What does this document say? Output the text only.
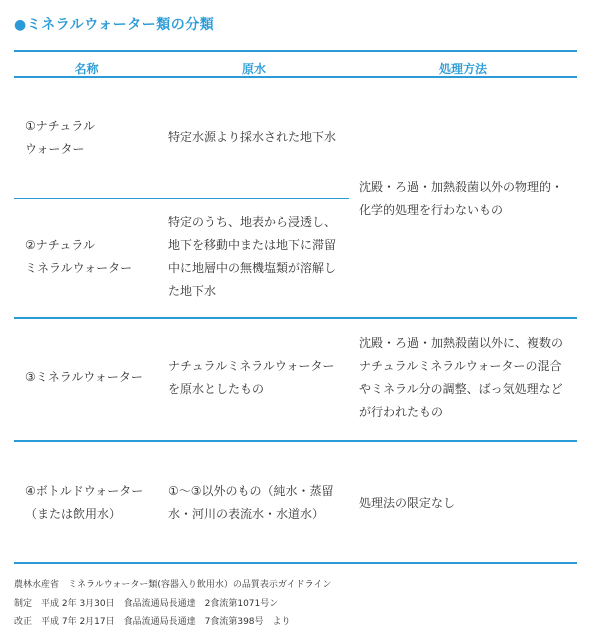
●ミネラルウォーター類の分類
名称	原水	処理方法
①ナチュラル
ウォーター
特定水源より採水された地下水
沈殿・ろ過・加熱殺菌以外の物理的・
化学的処理を行わないもの
②ナチュラル
ミネラルウォーター
特定のうち、地表から浸透し、
地下を移動中または地下に滞留
中に地層中の無機塩類が溶解し
た地下水
③ミネラルウォーター
ナチュラルミネラルウォーター
を原水としたもの
沈殿・ろ過・加熱殺菌以外に、複数の
ナチュラルミネラルウォーターの混合
やミネラル分の調整、ばっ気処理など
が行われたもの
④ボトルドウォーター
（または飲用水）
①〜③以外のもの（純水・蒸留
水・河川の表流水・水道水）
処理法の限定なし
農林水産省　ミネラルウォーター類(容器入り飲用水）の品質表示ガイドライン
制定　平成 2年 3月30日　食品流通局長通達　2食流第1071号ン
改正　平成 7年 2月17日　食品流通局長通達　7食流第398号　より
